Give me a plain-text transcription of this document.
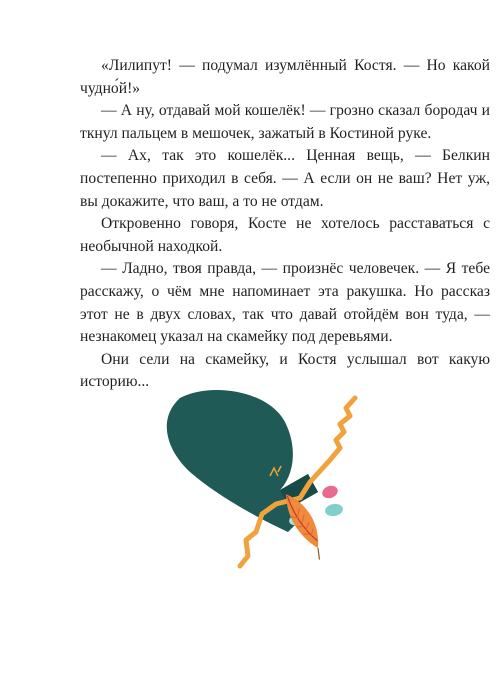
«Лилипут! — подумал изумлённый Костя. — Но какой чудно́й!»

— А ну, отдавай мой кошелёк! — грозно сказал бородач и ткнул пальцем в мешочек, зажатый в Костиной руке.

— Ах, так это кошелёк... Ценная вещь, — Белкин постепенно приходил в себя. — А если он не ваш? Нет уж, вы докажите, что ваш, а то не отдам.

Откровенно говоря, Косте не хотелось расставаться с необычной находкой.

— Ладно, твоя правда, — произнёс человечек. — Я тебе расскажу, о чём мне напоминает эта ракушка. Но рассказ этот не в двух словах, так что давай отойдём вон туда, — незнакомец указал на скамейку под деревьями.

Они сели на скамейку, и Костя услышал вот какую историю...
